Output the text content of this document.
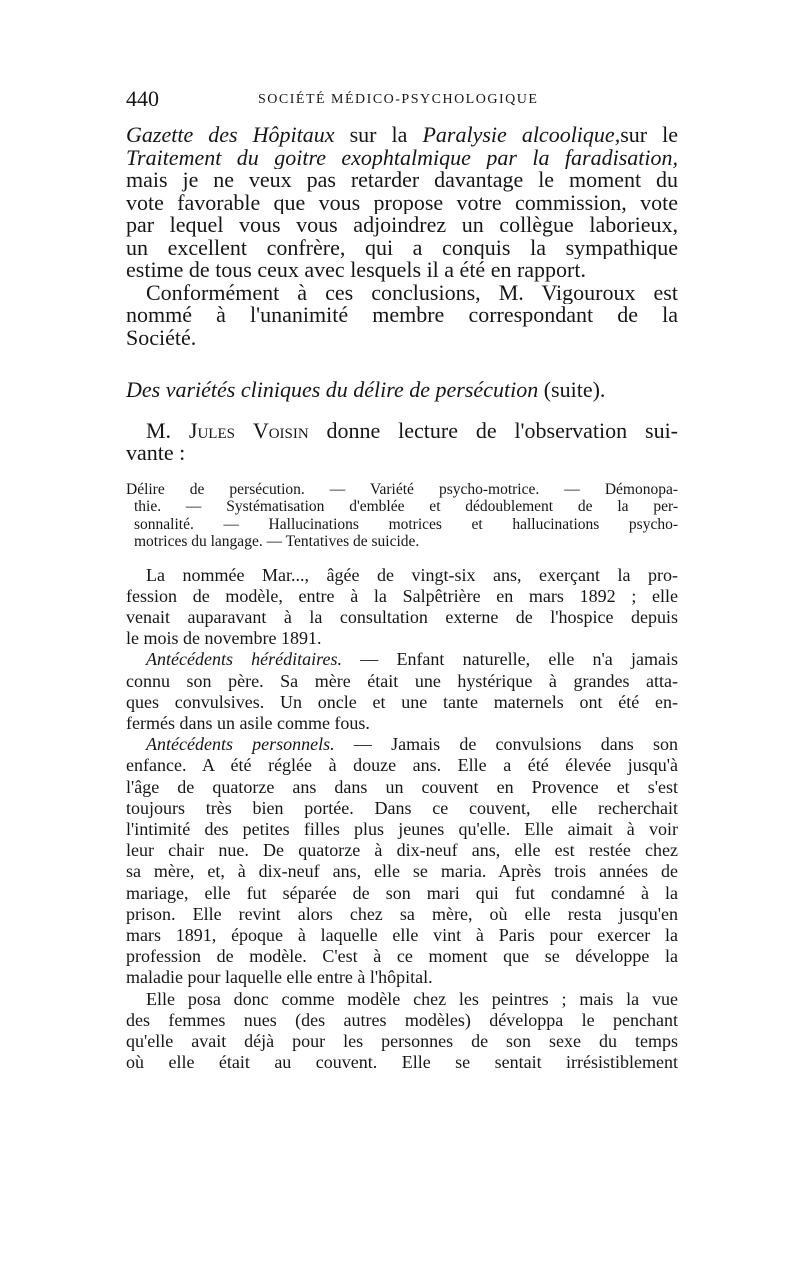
440	SOCIÉTÉ MÉDICO-PSYCHOLOGIQUE
Gazette des Hôpitaux sur la Paralysie alcoolique,sur le
Traitement du goitre exophtalmique par la faradisation,
mais je ne veux pas retarder davantage le moment du
vote favorable que vous propose votre commission, vote
par lequel vous vous adjoindrez un collègue laborieux,
un excellent confrère, qui a conquis la sympathique
estime de tous ceux avec lesquels il a été en rapport.
Conformément à ces conclusions, M. Vigouroux est
nommé à l'unanimité membre correspondant de la
Société.
Des variétés cliniques du délire de persécution (suite).
M. Jules Voisin donne lecture de l'observation sui-
vante :
Délire de persécution. — Variété psycho-motrice. — Démonopa-
thie. — Systématisation d'emblée et dédoublement de la per-
sonnalité. — Hallucinations motrices et hallucinations psycho-
motrices du langage. — Tentatives de suicide.
La nommée Mar..., âgée de vingt-six ans, exerçant la pro-
fession de modèle, entre à la Salpêtrière en mars 1892 ; elle
venait auparavant à la consultation externe de l'hospice depuis
le mois de novembre 1891.
Antécédents héréditaires. — Enfant naturelle, elle n'a jamais
connu son père. Sa mère était une hystérique à grandes atta-
ques convulsives. Un oncle et une tante maternels ont été en-
fermés dans un asile comme fous.
Antécédents personnels. — Jamais de convulsions dans son
enfance. A été réglée à douze ans. Elle a été élevée jusqu'à
l'âge de quatorze ans dans un couvent en Provence et s'est
toujours très bien portée. Dans ce couvent, elle recherchait
l'intimité des petites filles plus jeunes qu'elle. Elle aimait à voir
leur chair nue. De quatorze à dix-neuf ans, elle est restée chez
sa mère, et, à dix-neuf ans, elle se maria. Après trois années de
mariage, elle fut séparée de son mari qui fut condamné à la
prison. Elle revint alors chez sa mère, où elle resta jusqu'en
mars 1891, époque à laquelle elle vint à Paris pour exercer la
profession de modèle. C'est à ce moment que se développe la
maladie pour laquelle elle entre à l'hôpital.
Elle posa donc comme modèle chez les peintres ; mais la vue
des femmes nues (des autres modèles) développa le penchant
qu'elle avait déjà pour les personnes de son sexe du temps
où elle était au couvent. Elle se sentait irrésistiblement
